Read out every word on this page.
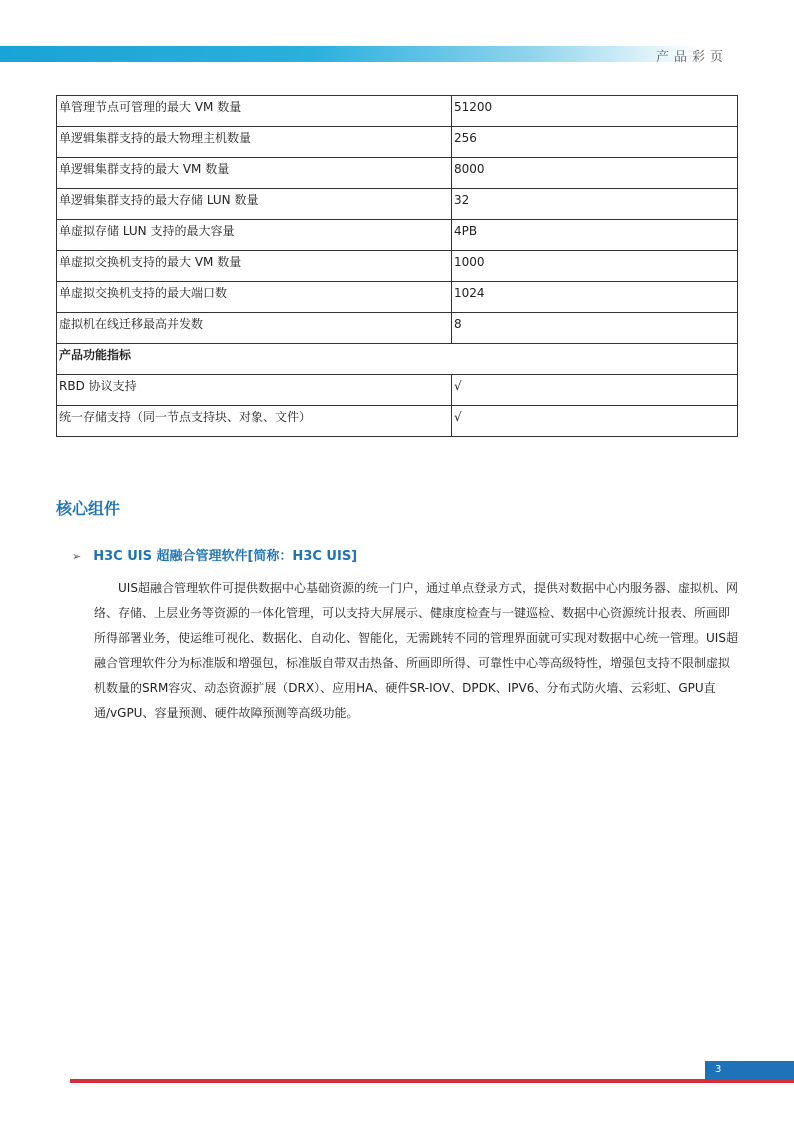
产品彩页
单管理节点可管理的最大 VM 数量	51200
单逻辑集群支持的最大物理主机数量	256
单逻辑集群支持的最大 VM 数量	8000
单逻辑集群支持的最大存储 LUN 数量	32
单虚拟存储 LUN 支持的最大容量	4PB
单虚拟交换机支持的最大 VM 数量	1000
单虚拟交换机支持的最大端口数	1024
虚拟机在线迁移最高并发数	8
产品功能指标	
RBD 协议支持	√
统一存储支持（同一节点支持块、对象、文件）	√
核心组件
➢ H3C UIS 超融合管理软件[简称：H3C UIS]

UIS超融合管理软件可提供数据中心基础资源的统一门户，通过单点登录方式，提供对数据中心内服务器、虚拟机、网络、存储、上层业务等资源的一体化管理，可以支持大屏展示、健康度检查与一键巡检、数据中心资源统计报表、所画即所得部署业务，使运维可视化、数据化、自动化、智能化，无需跳转不同的管理界面就可实现对数据中心统一管理。UIS超融合管理软件分为标准版和增强包，标准版自带双击热备、所画即所得、可靠性中心等高级特性，增强包支持不限制虚拟机数量的SRM容灾、动态资源扩展（DRX）、应用HA、硬件SR-IOV、DPDK、IPV6、分布式防火墙、云彩虹、GPU直通/vGPU、容量预测、硬件故障预测等高级功能。

3
